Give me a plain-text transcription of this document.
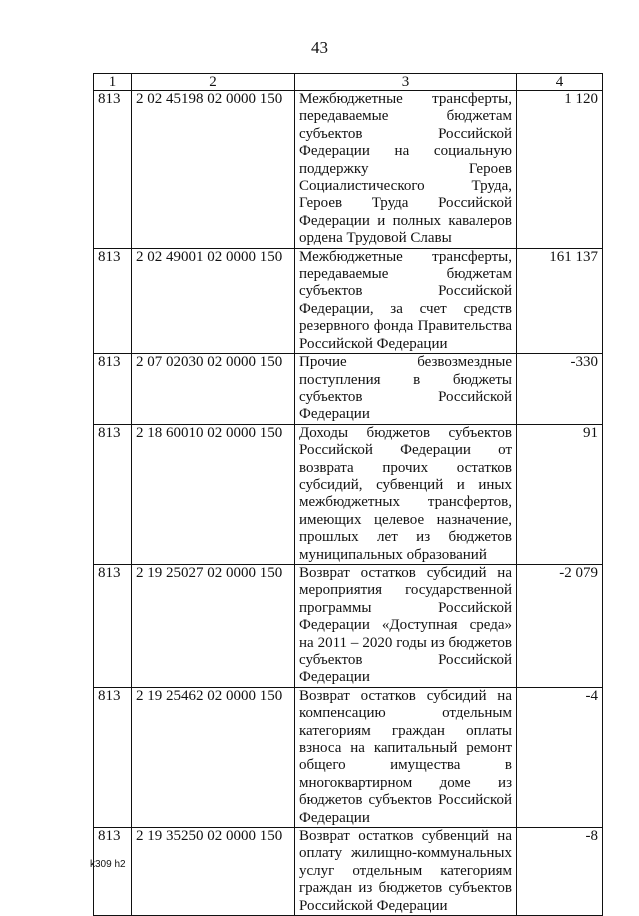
43
1	2	3	4
813	2 02 45198 02 0000 150	Межбюджетные трансферты, передаваемые бюджетам субъектов Российской Федерации на социальную поддержку Героев Социалистического Труда, Героев Труда Российской Федерации и полных кавалеров ордена Трудовой Славы	1 120
813	2 02 49001 02 0000 150	Межбюджетные трансферты, передаваемые бюджетам субъектов Российской Федерации, за счет средств резервного фонда Правительства Российской Федерации	161 137
813	2 07 02030 02 0000 150	Прочие безвозмездные поступления в бюджеты субъектов Российской Федерации	-330
813	2 18 60010 02 0000 150	Доходы бюджетов субъектов Российской Федерации от возврата прочих остатков субсидий, субвенций и иных межбюджетных трансфертов, имеющих целевое назначение, прошлых лет из бюджетов муниципальных образований	91
813	2 19 25027 02 0000 150	Возврат остатков субсидий на мероприятия государственной программы Российской Федерации «Доступная среда» на 2011 – 2020 годы из бюджетов субъектов Российской Федерации	-2 079
813	2 19 25462 02 0000 150	Возврат остатков субсидий на компенсацию отдельным категориям граждан оплаты взноса на капитальный ремонт общего имущества в многоквартирном доме из бюджетов субъектов Российской Федерации	-4
813	2 19 35250 02 0000 150	Возврат остатков субвенций на оплату жилищно-коммунальных услуг отдельным категориям граждан из бюджетов субъектов Российской Федерации	-8
k309 h2
